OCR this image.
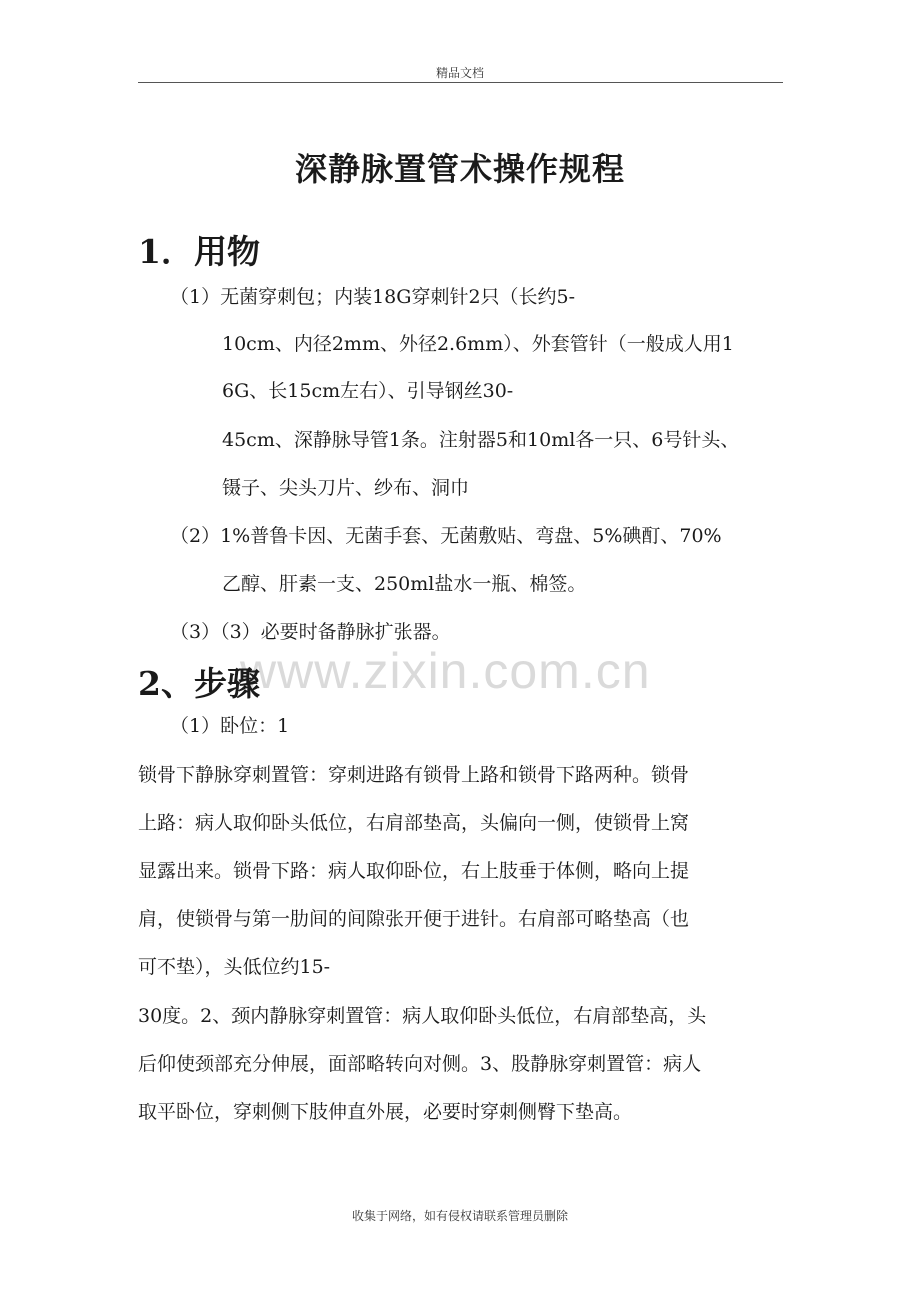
精品文档
深静脉置管术操作规程
1．用物
（1）无菌穿刺包；内装18G穿刺针2只（长约5-
10cm、内径2mm、外径2.6mm）、外套管针（一般成人用1
6G、长15cm左右）、引导钢丝30-
45cm、深静脉导管1条。注射器5和10ml各一只、6号针头、
镊子、尖头刀片、纱布、洞巾
（2）1%普鲁卡因、无菌手套、无菌敷贴、弯盘、5%碘酊、70%
乙醇、肝素一支、250ml盐水一瓶、棉签。
（3）（3）必要时备静脉扩张器。
www.zixin.com.cn
2、步骤
（1）卧位：1
锁骨下静脉穿刺置管：穿刺进路有锁骨上路和锁骨下路两种。锁骨
上路：病人取仰卧头低位，右肩部垫高，头偏向一侧，使锁骨上窝
显露出来。锁骨下路：病人取仰卧位，右上肢垂于体侧，略向上提
肩，使锁骨与第一肋间的间隙张开便于进针。右肩部可略垫高（也
可不垫），头低位约15-
30度。2、颈内静脉穿刺置管：病人取仰卧头低位，右肩部垫高，头
后仰使颈部充分伸展，面部略转向对侧。3、股静脉穿刺置管：病人
取平卧位，穿刺侧下肢伸直外展，必要时穿刺侧臀下垫高。
收集于网络，如有侵权请联系管理员删除
